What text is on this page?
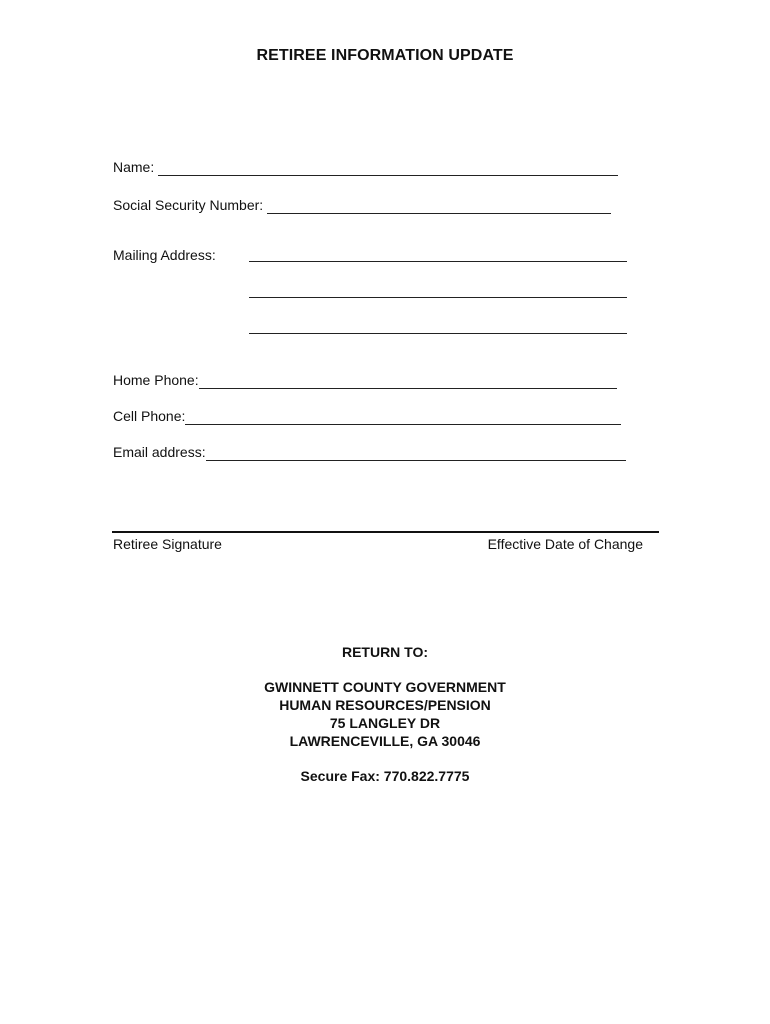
RETIREE INFORMATION UPDATE
Name:
Social Security Number:
Mailing Address:
Home Phone:
Cell Phone:
Email address:
Retiree Signature	Effective Date of Change
RETURN TO:
GWINNETT COUNTY GOVERNMENT
HUMAN RESOURCES/PENSION
75 LANGLEY DR
LAWRENCEVILLE, GA 30046
Secure Fax: 770.822.7775
